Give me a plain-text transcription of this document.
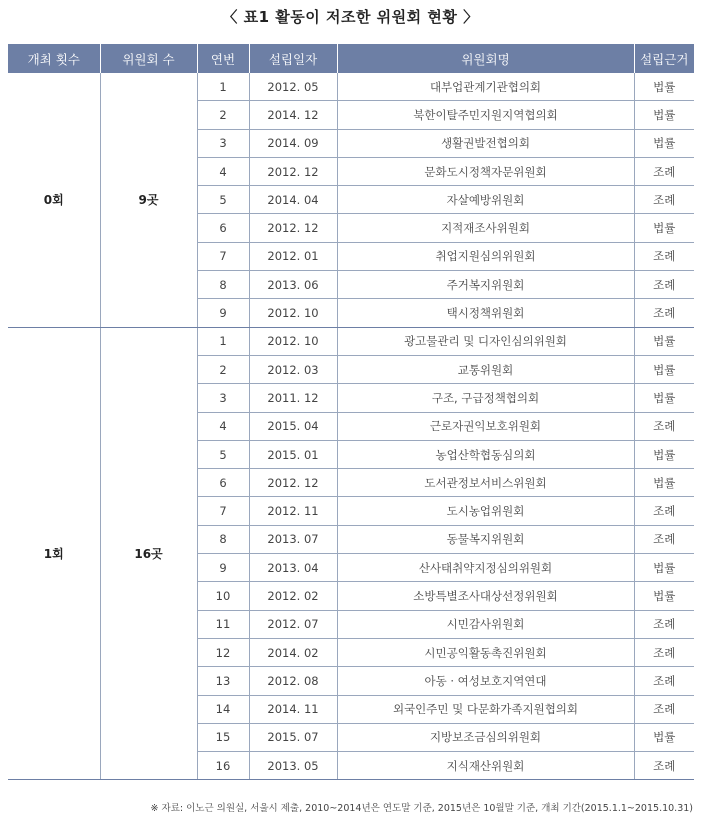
〈 표1 활동이 저조한 위원회 현황 〉
개최 횟수	위원회 수	연번	설립일자	위원회명	설립근거
0회	9곳	1	2012. 05	대부업관계기관협의회	법률
		2	2014. 12	북한이탈주민지원지역협의회	법률
		3	2014. 09	생활권발전협의회	법률
		4	2012. 12	문화도시정책자문위원회	조례
		5	2014. 04	자살예방위원회	조례
		6	2012. 12	지적재조사위원회	법률
		7	2012. 01	취업지원심의위원회	조례
		8	2013. 06	주거복지위원회	조례
		9	2012. 10	택시정책위원회	조례
1회	16곳	1	2012. 10	광고물관리 및 디자인심의위원회	법률
		2	2012. 03	교통위원회	법률
		3	2011. 12	구조, 구급정책협의회	법률
		4	2015. 04	근로자권익보호위원회	조례
		5	2015. 01	농업산학협동심의회	법률
		6	2012. 12	도서관정보서비스위원회	법률
		7	2012. 11	도시농업위원회	조례
		8	2013. 07	동물복지위원회	조례
		9	2013. 04	산사태취약지정심의위원회	법률
		10	2012. 02	소방특별조사대상선정위원회	법률
		11	2012. 07	시민감사위원회	조례
		12	2014. 02	시민공익활동촉진위원회	조례
		13	2012. 08	아동 · 여성보호지역연대	조례
		14	2014. 11	외국인주민 및 다문화가족지원협의회	조례
		15	2015. 07	지방보조금심의위원회	법률
		16	2013. 05	지식재산위원회	조례
※ 자료: 이노근 의원실, 서울시 제출, 2010~2014년은 연도말 기준, 2015년은 10월말 기준, 개최 기간(2015.1.1~2015.10.31)
